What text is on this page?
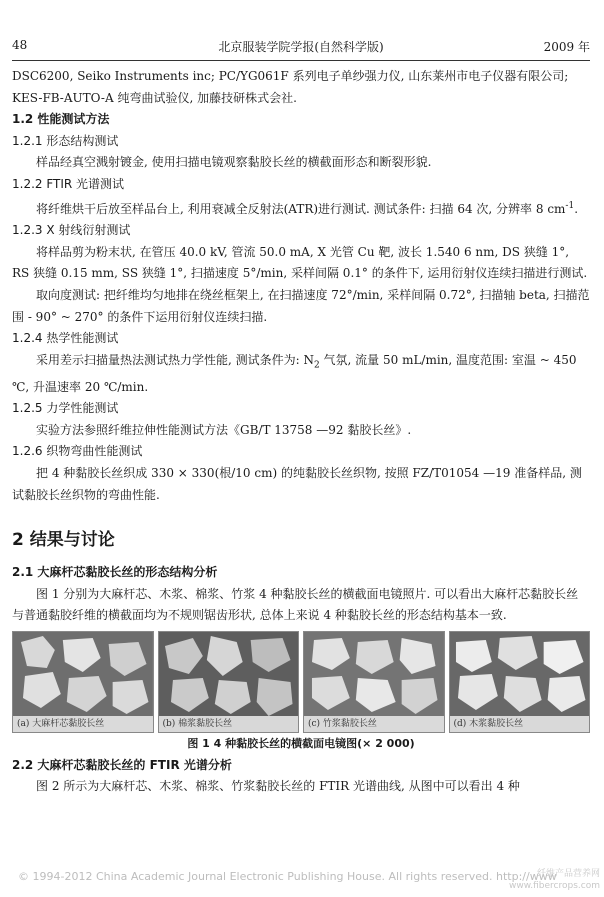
48	北京服装学院学报(自然科学版)	2009 年

DSC6200, Seiko Instruments inc; PC/YG061F 系列电子单纱强力仪, 山东莱州市电子仪器有限公司; KES-FB-AUTO-A 纯弯曲试验仪, 加藤技研株式会社.

1.2 性能测试方法

1.2.1 形态结构测试

样品经真空溅射镀金, 使用扫描电镜观察黏胶长丝的横截面形态和断裂形貌.

1.2.2 FTIR 光谱测试

将纤维烘干后放至样品台上, 利用衰减全反射法(ATR)进行测试. 测试条件: 扫描 64 次, 分辨率 8 $cm^{-1}$.

1.2.3 X 射线衍射测试

将样品剪为粉末状, 在管压 40.0 kV, 管流 50.0 mA, X 光管 Cu 靶, 波长 1.540 6 nm, DS 狭缝 1°, RS 狭缝 0.15 mm, SS 狭缝 1°, 扫描速度 5°/min, 采样间隔 0.1° 的条件下, 运用衍射仪连续扫描进行测试.

取向度测试: 把纤维均匀地排在绕丝框架上, 在扫描速度 72°/min, 采样间隔 0.72°, 扫描轴 beta, 扫描范围 - 90° ~ 270° 的条件下运用衍射仪连续扫描.

1.2.4 热学性能测试

采用差示扫描量热法测试热力学性能, 测试条件为: $N_2$ 气氛, 流量 50 mL/min, 温度范围: 室温 ~ 450 ℃, 升温速率 20 ℃/min.

1.2.5 力学性能测试

实验方法参照纤维拉伸性能测试方法《GB/T 13758 —92 黏胶长丝》.

1.2.6 织物弯曲性能测试

把 4 种黏胶长丝织成 330 × 330(根/10 cm) 的纯黏胶长丝织物, 按照 FZ/T01054 —19 准备样品, 测试黏胶长丝织物的弯曲性能.

2 结果与讨论

2.1 大麻杆芯黏胶长丝的形态结构分析

图 1 分别为大麻杆芯、木浆、棉浆、竹浆 4 种黏胶长丝的横截面电镜照片. 可以看出大麻杆芯黏胶长丝与普通黏胶纤维的横截面均为不规则锯齿形状, 总体上来说 4 种黏胶长丝的形态结构基本一致.

(a) 大麻杆芯黏胶长丝	(b) 棉浆黏胶长丝	(c) 竹浆黏胶长丝	(d) 木浆黏胶长丝

图 1 4 种黏胶长丝的横截面电镜图(× 2 000)

2.2 大麻杆芯黏胶长丝的 FTIR 光谱分析

图 2 所示为大麻杆芯、木浆、棉浆、竹浆黏胶长丝的 FTIR 光谱曲线, 从图中可以看出 4 种

© 1994-2012 China Academic Journal Electronic Publishing House. All rights reserved. http://www
纤维产品营养网
www.fibercrops.com
